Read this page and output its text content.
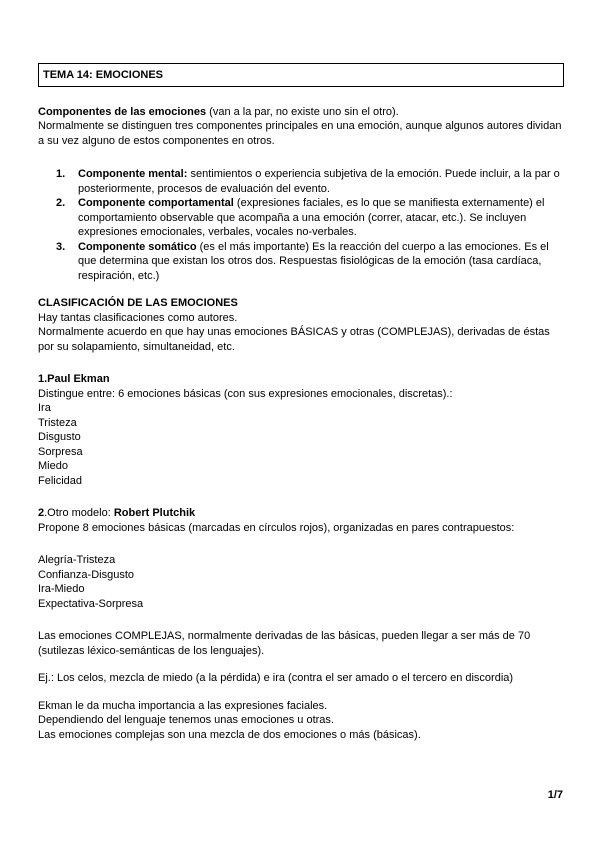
TEMA 14: EMOCIONES

Componentes de las emociones (van a la par, no existe uno sin el otro).
Normalmente se distinguen tres componentes principales en una emoción, aunque algunos autores dividan a su vez alguno de estos componentes en otros.

1.	Componente mental: sentimientos o experiencia subjetiva de la emoción. Puede incluir, a la par o posteriormente, procesos de evaluación del evento.
2.	Componente comportamental (expresiones faciales, es lo que se manifiesta externamente) el comportamiento observable que acompaña a una emoción (correr, atacar, etc.). Se incluyen expresiones emocionales, verbales, vocales no-verbales.
3.	Componente somático (es el más importante) Es la reacción del cuerpo a las emociones. Es el que determina que existan los otros dos. Respuestas fisiológicas de la emoción (tasa cardíaca, respiración, etc.)
CLASIFICACIÓN DE LAS EMOCIONES

Hay tantas clasificaciones como autores.

Normalmente acuerdo en que hay unas emociones BÁSICAS y otras (COMPLEJAS), derivadas de éstas por su solapamiento, simultaneidad, etc.

1.Paul Ekman

Distingue entre: 6 emociones básicas (con sus expresiones emocionales, discretas).:

Ira
Tristeza
Disgusto
Sorpresa
Miedo
Felicidad

2.Otro modelo: Robert Plutchik

Propone 8 emociones básicas (marcadas en círculos rojos), organizadas en pares contrapuestos:

Alegría-Tristeza
Confianza-Disgusto
Ira-Miedo
Expectativa-Sorpresa

Las emociones COMPLEJAS, normalmente derivadas de las básicas, pueden llegar a ser más de 70 (sutilezas léxico-semánticas de los lenguajes).

Ej.: Los celos, mezcla de miedo (a la pérdida) e ira (contra el ser amado o el tercero en discordia)

Ekman le da mucha importancia a las expresiones faciales.

Dependiendo del lenguaje tenemos unas emociones u otras.

Las emociones complejas son una mezcla de dos emociones o más (básicas).

1/7
